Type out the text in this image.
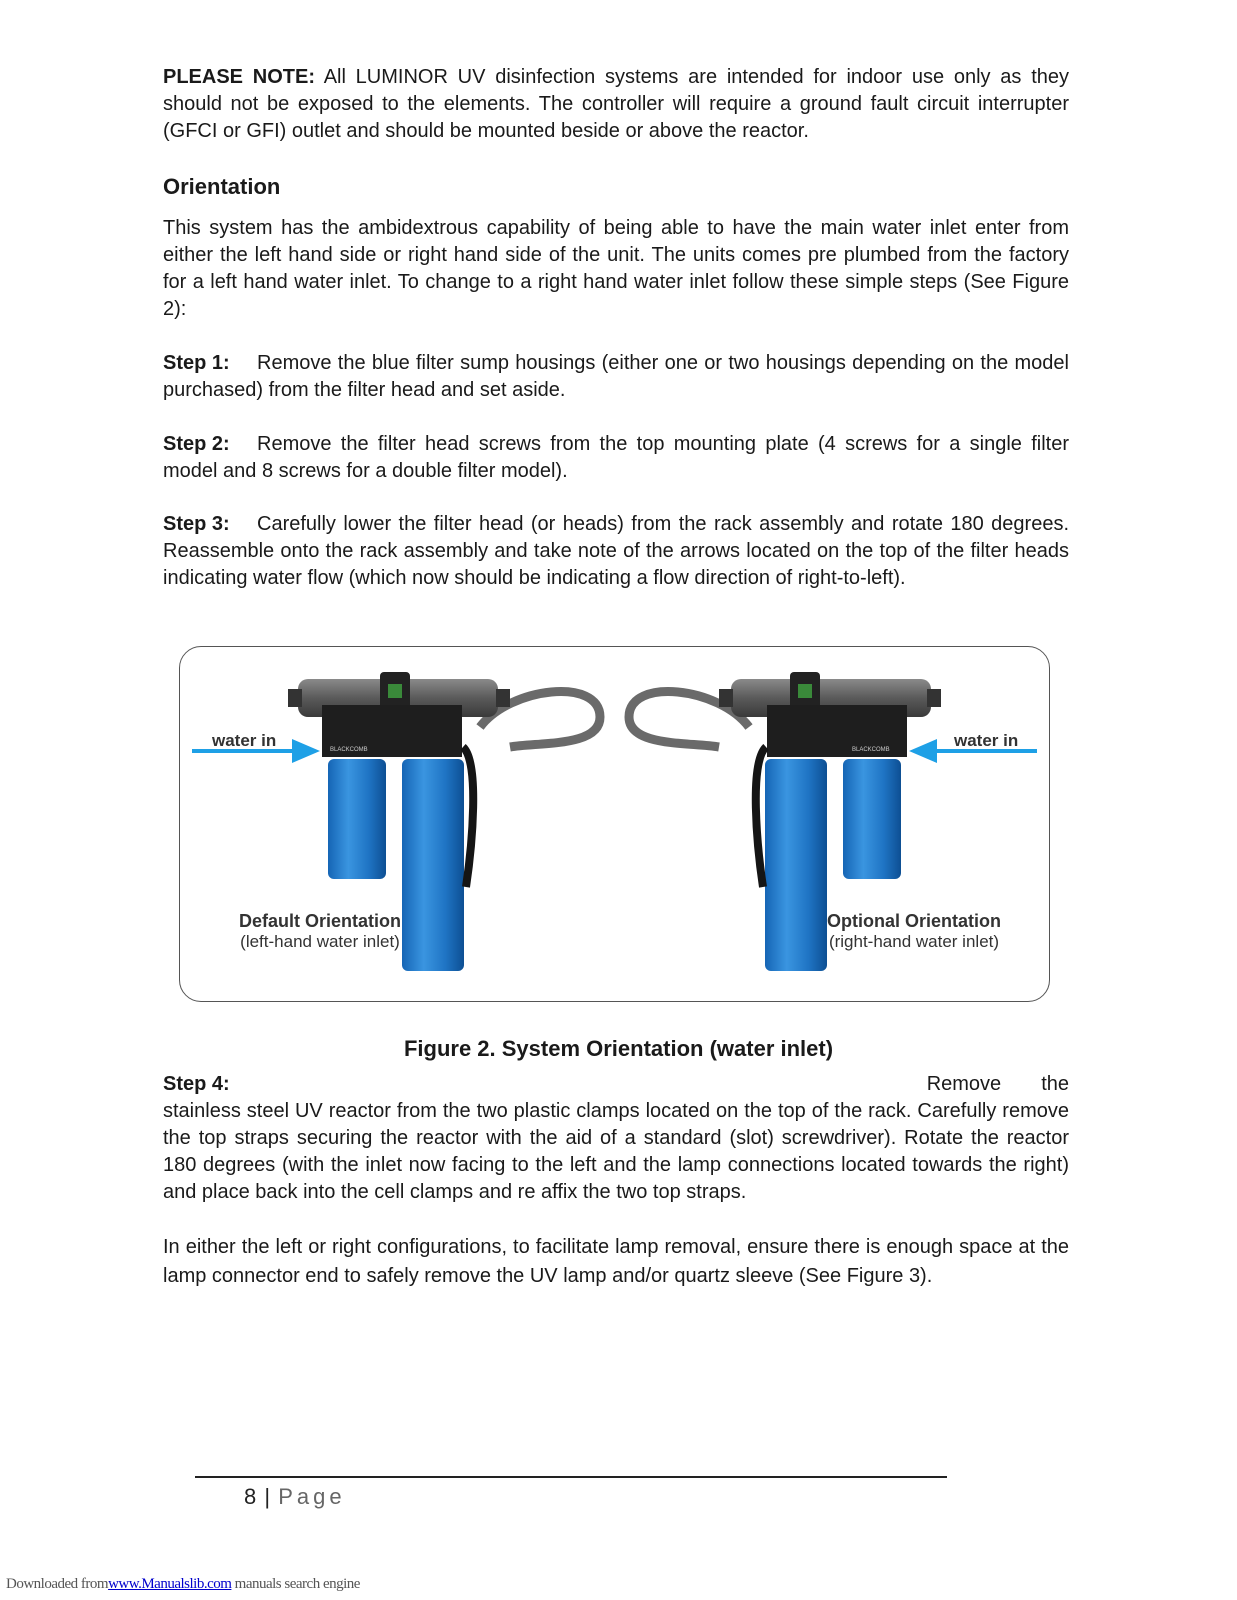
PLEASE NOTE: All LUMINOR UV disinfection systems are intended for indoor use only as they should not be exposed to the elements. The controller will require a ground fault circuit interrupter (GFCI or GFI) outlet and should be mounted beside or above the reactor.

Orientation

This system has the ambidextrous capability of being able to have the main water inlet enter from either the left hand side or right hand side of the unit. The units comes pre plumbed from the factory for a left hand water inlet. To change to a right hand water inlet follow these simple steps (See Figure 2):

Step 1: Remove the blue filter sump housings (either one or two housings depending on the model purchased) from the filter head and set aside.

Step 2: Remove the filter head screws from the top mounting plate (4 screws for a single filter model and 8 screws for a double filter model).

Step 3: Carefully lower the filter head (or heads) from the rack assembly and rotate 180 degrees. Reassemble onto the rack assembly and take note of the arrows located on the top of the filter heads indicating water flow (which now should be indicating a flow direction of right-to-left).

BLACKCOMB	BLACKCOMB
water in	water in
Default Orientation
(left-hand water inlet)
Optional Orientation
(right-hand water inlet)

Figure 2. System Orientation (water inlet)

Step 4:	Remove the

stainless steel UV reactor from the two plastic clamps located on the top of the rack. Carefully remove the top straps securing the reactor with the aid of a standard (slot) screwdriver). Rotate the reactor 180 degrees (with the inlet now facing to the left and the lamp connections located towards the right) and place back into the cell clamps and re affix the two top straps.

In either the left or right configurations, to facilitate lamp removal, ensure there is enough space at the lamp connector end to safely remove the UV lamp and/or quartz sleeve (See Figure 3).

8 | Page
Downloaded fromwww.Manualslib.com manuals search engine
